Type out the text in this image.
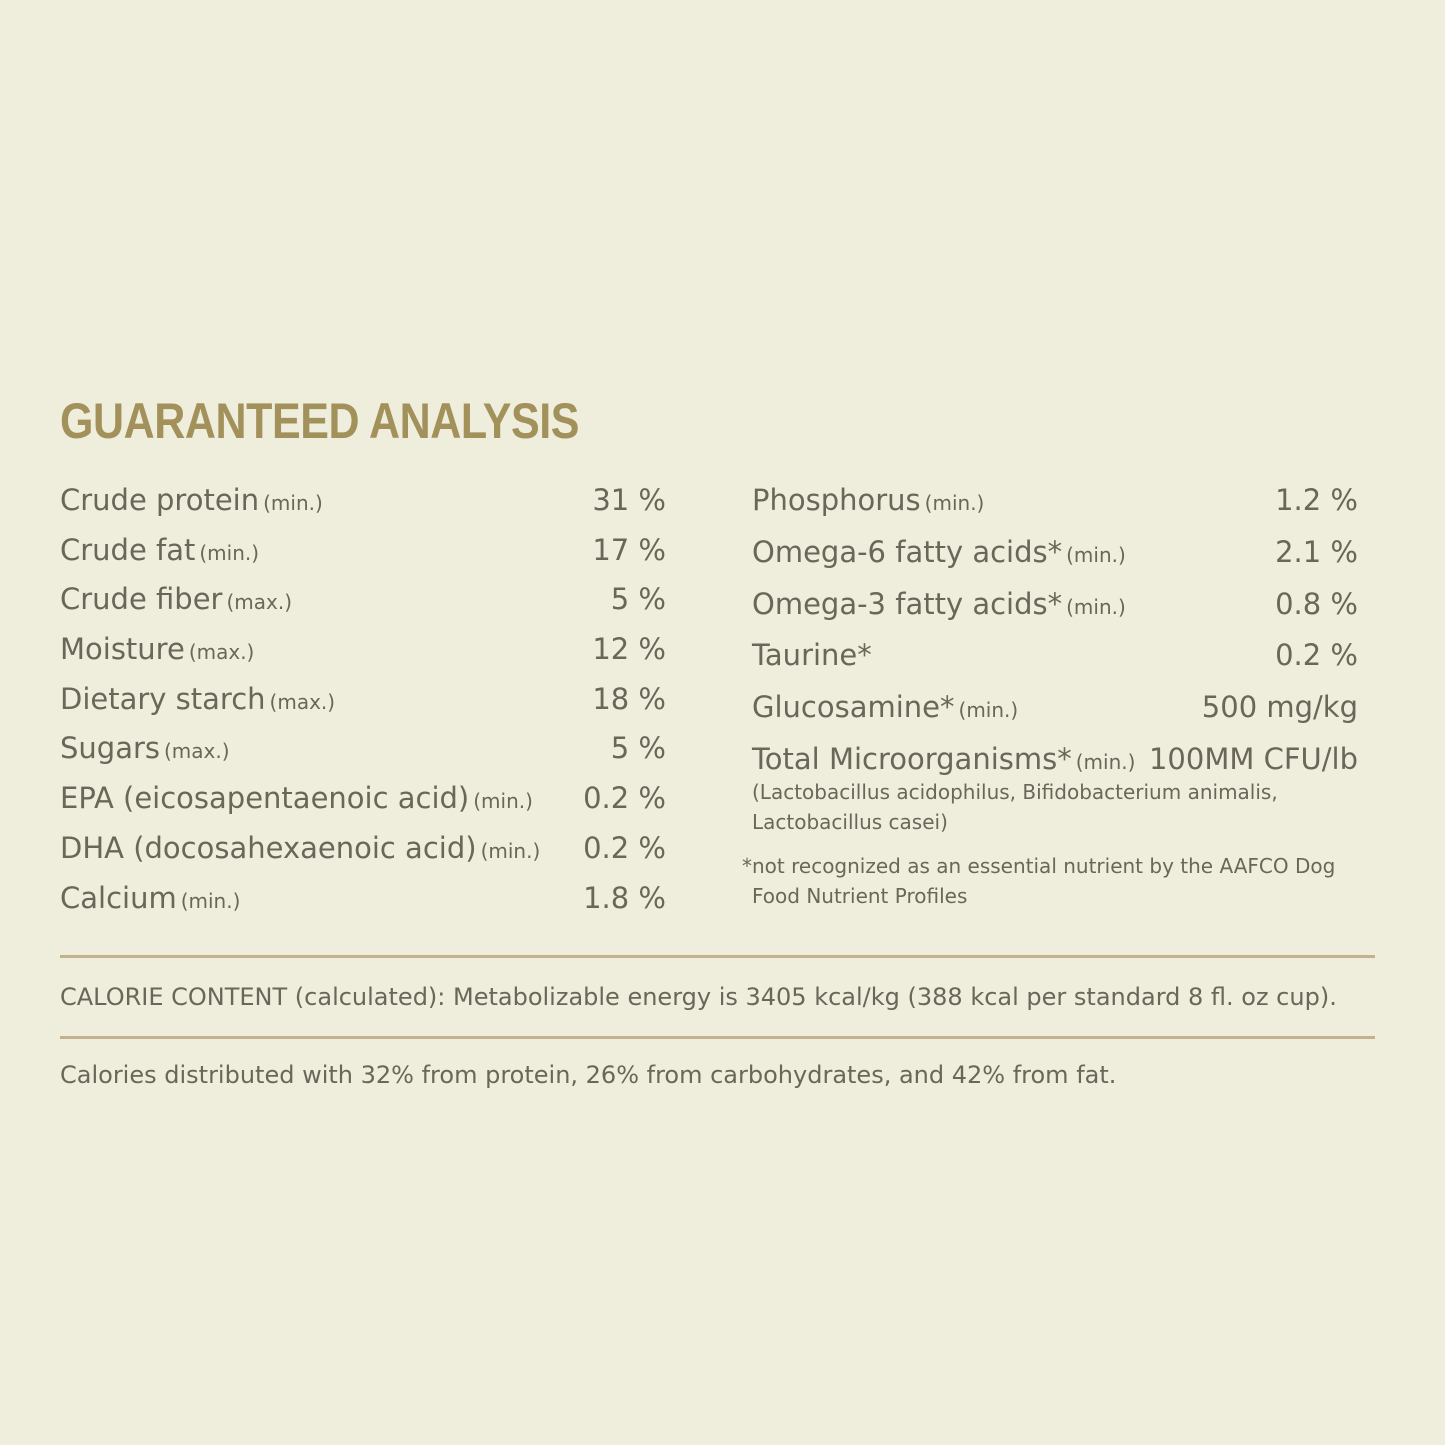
GUARANTEED ANALYSIS
Crude protein (min.)	31 %
Crude fat (min.)	17 %
Crude fiber (max.)	5 %
Moisture (max.)	12 %
Dietary starch (max.)	18 %
Sugars (max.)	5 %
EPA (eicosapentaenoic acid) (min.) 0.2 %
DHA (docosahexaenoic acid) (min.) 0.2 %
Calcium (min.)	1.8 %
Phosphorus (min.)	1.2 %
Omega-6 fatty acids* (min.)	2.1 %
Omega-3 fatty acids* (min.)	0.8 %
Taurine*	0.2 %
Glucosamine* (min.)	500 mg/kg
Total Microorganisms* (min.) 100MM CFU/lb
(Lactobacillus acidophilus, Bifidobacterium animalis,
Lactobacillus casei)
*not recognized as an essential nutrient by the AAFCO Dog
Food Nutrient Profiles
CALORIE CONTENT (calculated): Metabolizable energy is 3405 kcal/kg (388 kcal per standard 8 fl. oz cup).
Calories distributed with 32% from protein, 26% from carbohydrates, and 42% from fat.
